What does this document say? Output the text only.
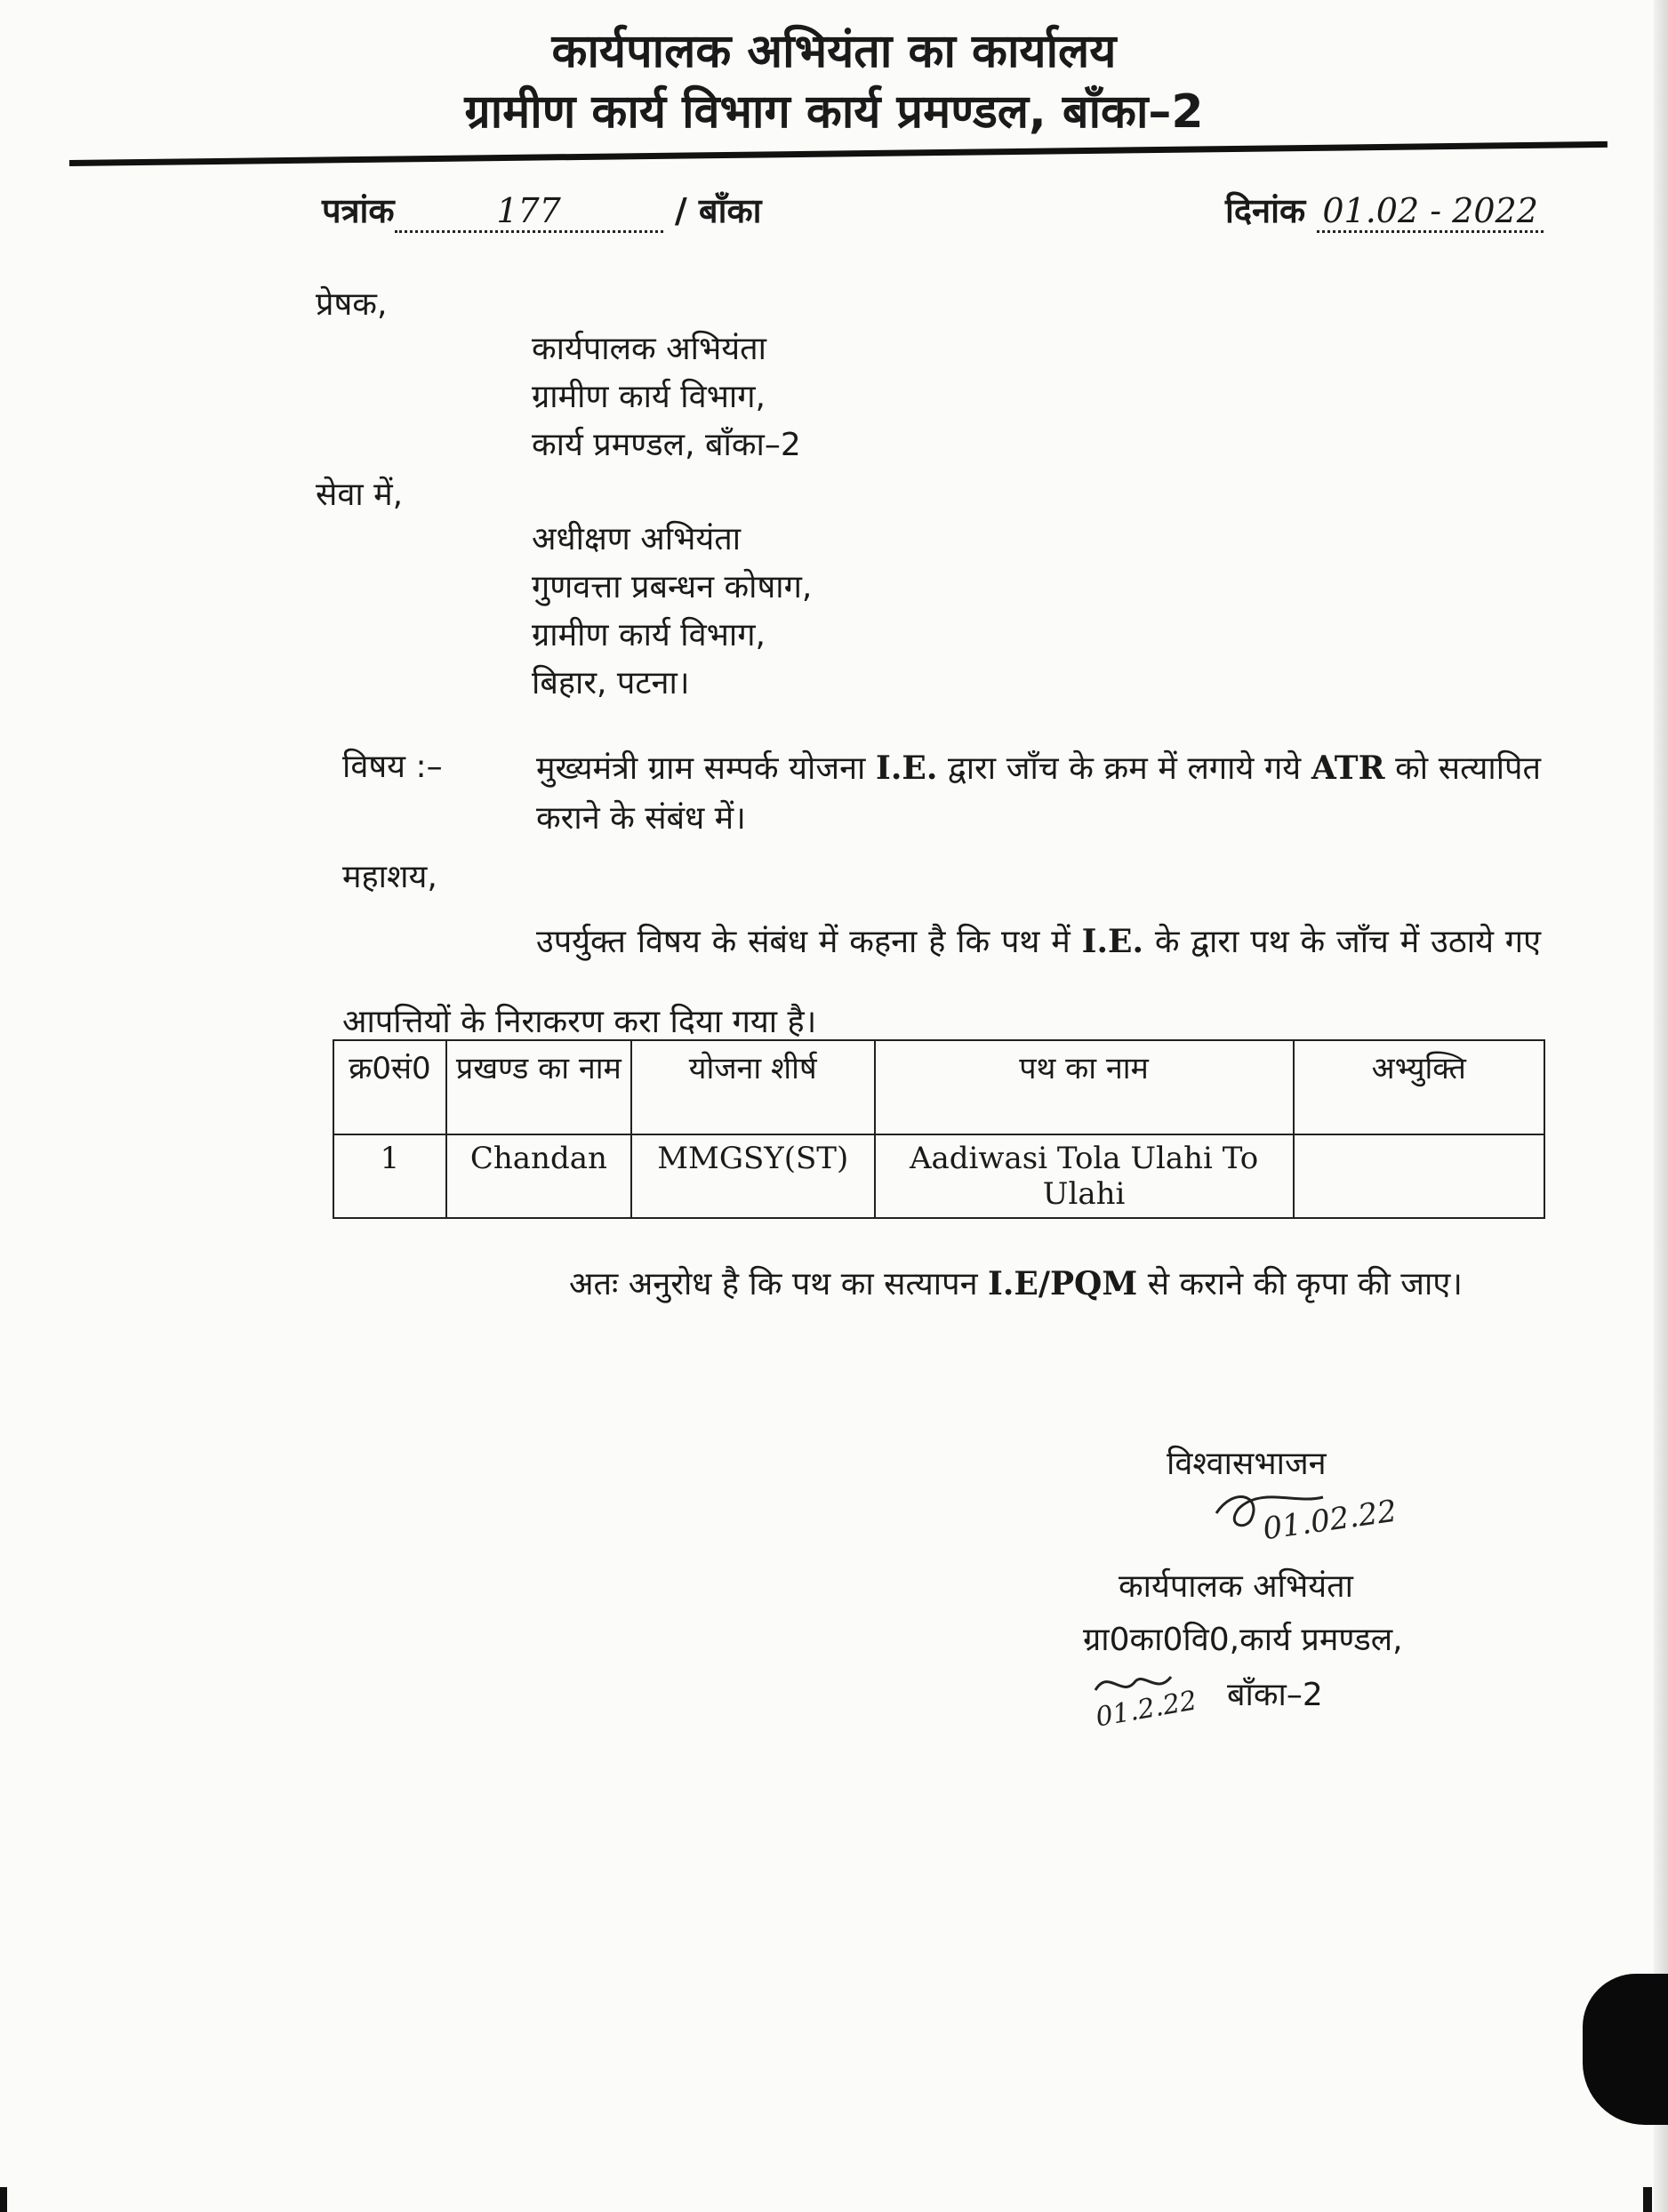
कार्यपालक अभियंता का कार्यालय
ग्रामीण कार्य विभाग कार्य प्रमण्डल, बाँका–2
पत्रांक	177	/ बाँका	दिनांक 01.02 - 2022
प्रेषक,
कार्यपालक अभियंता
ग्रामीण कार्य विभाग,
कार्य प्रमण्डल, बाँका–2
सेवा में,
अधीक्षण अभियंता
गुणवत्ता प्रबन्धन कोषाग,
ग्रामीण कार्य विभाग,
बिहार, पटना।
विषय :–	मुख्यमंत्री ग्राम सम्पर्क योजना I.E. द्वारा जाँच के क्रम में लगाये गये ATR को सत्यापित कराने के संबंध में।
महाशय,
उपर्युक्त विषय के संबंध में कहना है कि पथ में I.E. के द्वारा पथ के जाँच में उठाये गए आपत्तियों के निराकरण करा दिया गया है।
क्र0सं0	प्रखण्ड का नाम	योजना शीर्ष	पथ का नाम	अभ्युक्ति
1	Chandan	MMGSY(ST)	Aadiwasi Tola Ulahi To Ulahi	
अतः अनुरोध है कि पथ का सत्यापन I.E/PQM से कराने की कृपा की जाए।
विश्वासभाजन
01.02.22
कार्यपालक अभियंता
ग्रा0का0वि0,कार्य प्रमण्डल,
01.2.22 बाँका–2
